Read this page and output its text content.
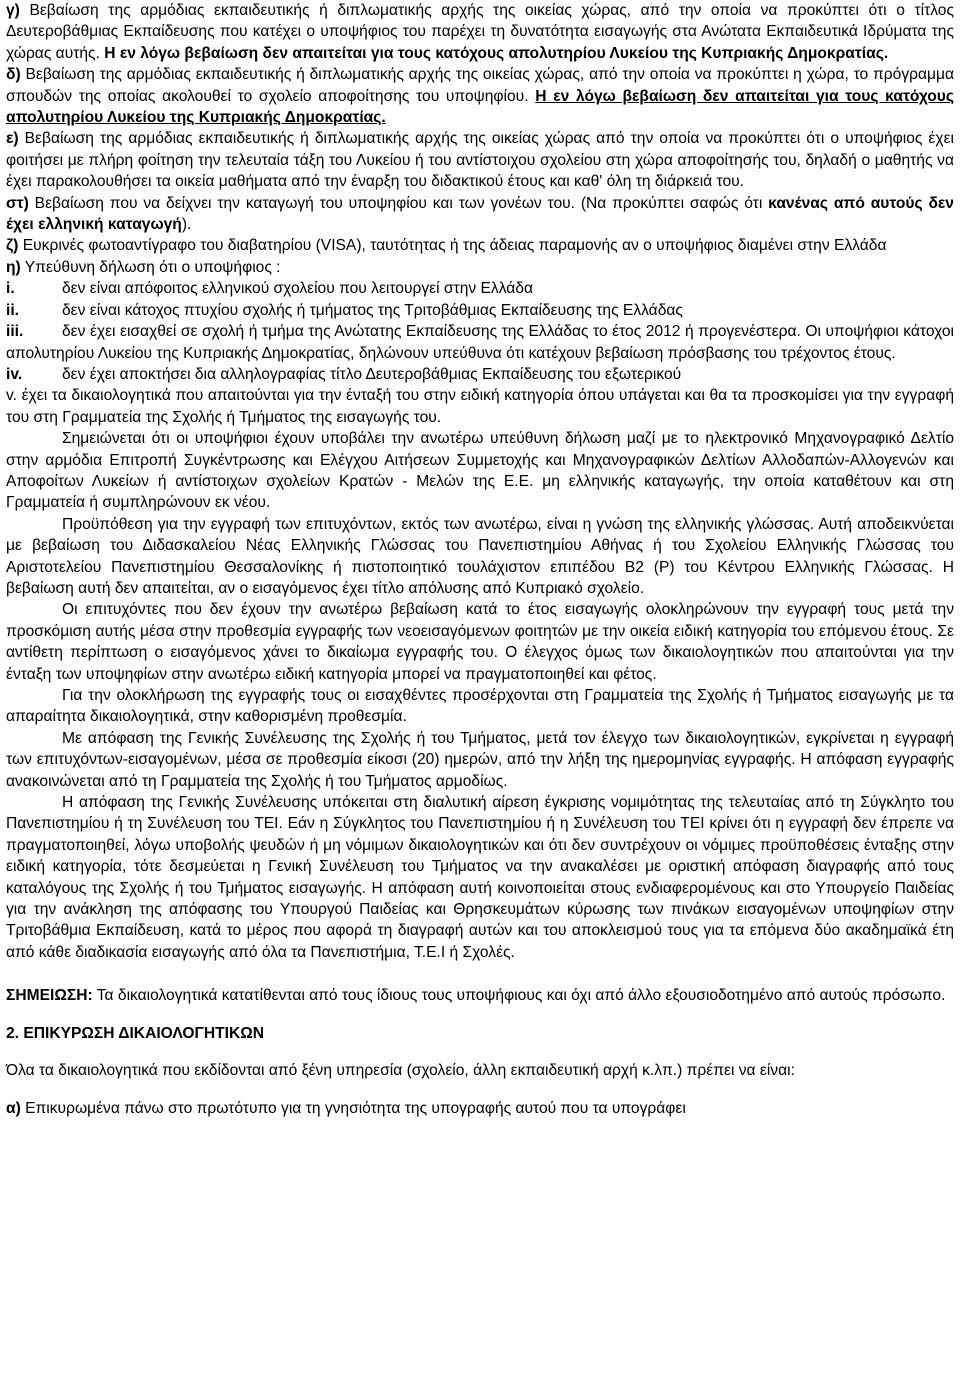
γ) Βεβαίωση της αρμόδιας εκπαιδευτικής ή διπλωματικής αρχής της οικείας χώρας, από την οποία να προκύπτει ότι ο τίτλος Δευτεροβάθμιας Εκπαίδευσης που κατέχει ο υποψήφιος του παρέχει τη δυνατότητα εισαγωγής στα Ανώτατα Εκπαιδευτικά Ιδρύματα της χώρας αυτής. Η εν λόγω βεβαίωση δεν απαιτείται για τους κατόχους απολυτηρίου Λυκείου της Κυπριακής Δημοκρατίας.

δ) Βεβαίωση της αρμόδιας εκπαιδευτικής ή διπλωματικής αρχής της οικείας χώρας, από την οποία να προκύπτει η χώρα, το πρόγραμμα σπουδών της οποίας ακολουθεί το σχολείο αποφοίτησης του υποψηφίου. Η εν λόγω βεβαίωση δεν απαιτείται για τους κατόχους απολυτηρίου Λυκείου της Κυπριακής Δημοκρατίας.

ε) Βεβαίωση της αρμόδιας εκπαιδευτικής ή διπλωματικής αρχής της οικείας χώρας από την οποία να προκύπτει ότι ο υποψήφιος έχει φοιτήσει με πλήρη φοίτηση την τελευταία τάξη του Λυκείου ή του αντίστοιχου σχολείου στη χώρα αποφοίτησής του, δηλαδή ο μαθητής να έχει παρακολουθήσει τα οικεία μαθήματα από την έναρξη του διδακτικού έτους και καθ' όλη τη διάρκειά του.

στ) Βεβαίωση που να δείχνει την καταγωγή του υποψηφίου και των γονέων του. (Να προκύπτει σαφώς ότι κανένας από αυτούς δεν έχει ελληνική καταγωγή).

ζ) Ευκρινές φωτοαντίγραφο του διαβατηρίου (VISA), ταυτότητας ή της άδειας παραμονής αν ο υποψήφιος διαμένει στην Ελλάδα

η) Υπεύθυνη δήλωση ότι ο υποψήφιος :

i.	δεν είναι απόφοιτος ελληνικού σχολείου που λειτουργεί στην Ελλάδα
ii.	δεν είναι κάτοχος πτυχίου σχολής ή τμήματος της Τριτοβάθμιας Εκπαίδευσης της Ελλάδας

iii. δεν έχει εισαχθεί σε σχολή ή τμήμα της Ανώτατης Εκπαίδευσης της Ελλάδας το έτος 2012 ή προγενέστερα. Οι υποψήφιοι κάτοχοι απολυτηρίου Λυκείου της Κυπριακής Δημοκρατίας, δηλώνουν υπεύθυνα ότι κατέχουν βεβαίωση πρόσβασης του τρέχοντος έτους.

iv.	δεν έχει αποκτήσει δια αλληλογραφίας τίτλο Δευτεροβάθμιας Εκπαίδευσης του εξωτερικού

v. έχει τα δικαιολογητικά που απαιτούνται για την ένταξή του στην ειδική κατηγορία όπου υπάγεται και θα τα προσκομίσει για την εγγραφή του στη Γραμματεία της Σχολής ή Τμήματος της εισαγωγής του.

Σημειώνεται ότι οι υποψήφιοι έχουν υποβάλει την ανωτέρω υπεύθυνη δήλωση μαζί με το ηλεκτρονικό Μηχανογραφικό Δελτίο στην αρμόδια Επιτροπή Συγκέντρωσης και Ελέγχου Αιτήσεων Συμμετοχής και Μηχανογραφικών Δελτίων Αλλοδαπών-Αλλογενών και Αποφοίτων Λυκείων ή αντίστοιχων σχολείων Κρατών - Μελών της Ε.Ε. μη ελληνικής καταγωγής, την οποία καταθέτουν και στη Γραμματεία ή συμπληρώνουν εκ νέου.

Προϋπόθεση για την εγγραφή των επιτυχόντων, εκτός των ανωτέρω, είναι η γνώση της ελληνικής γλώσσας. Αυτή αποδεικνύεται με βεβαίωση του Διδασκαλείου Νέας Ελληνικής Γλώσσας του Πανεπιστημίου Αθήνας ή του Σχολείου Ελληνικής Γλώσσας του Αριστοτελείου Πανεπιστημίου Θεσσαλονίκης ή πιστοποιητικό τουλάχιστον επιπέδου Β2 (Ρ) του Κέντρου Ελληνικής Γλώσσας. Η βεβαίωση αυτή δεν απαιτείται, αν ο εισαγόμενος έχει τίτλο απόλυσης από Κυπριακό σχολείο.

Οι επιτυχόντες που δεν έχουν την ανωτέρω βεβαίωση κατά το έτος εισαγωγής ολοκληρώνουν την εγγραφή τους μετά την προσκόμιση αυτής μέσα στην προθεσμία εγγραφής των νεοεισαγόμενων φοιτητών με την οικεία ειδική κατηγορία του επόμενου έτους. Σε αντίθετη περίπτωση ο εισαγόμενος χάνει το δικαίωμα εγγραφής του. Ο έλεγχος όμως των δικαιολογητικών που απαιτούνται για την ένταξη των υποψηφίων στην ανωτέρω ειδική κατηγορία μπορεί να πραγματοποιηθεί και φέτος.

Για την ολοκλήρωση της εγγραφής τους οι εισαχθέντες προσέρχονται στη Γραμματεία της Σχολής ή Τμήματος εισαγωγής με τα απαραίτητα δικαιολογητικά, στην καθορισμένη προθεσμία.

Με απόφαση της Γενικής Συνέλευσης της Σχολής ή του Τμήματος, μετά τον έλεγχο των δικαιολογητικών, εγκρίνεται η εγγραφή των επιτυχόντων-εισαγομένων, μέσα σε προθεσμία είκοσι (20) ημερών, από την λήξη της ημερομηνίας εγγραφής. Η απόφαση εγγραφής ανακοινώνεται από τη Γραμματεία της Σχολής ή του Τμήματος αρμοδίως.

Η απόφαση της Γενικής Συνέλευσης υπόκειται στη διαλυτική αίρεση έγκρισης νομιμότητας της τελευταίας από τη Σύγκλητο του Πανεπιστημίου ή τη Συνέλευση του ΤΕΙ. Εάν η Σύγκλητος του Πανεπιστημίου ή η Συνέλευση του ΤΕΙ κρίνει ότι η εγγραφή δεν έπρεπε να πραγματοποιηθεί, λόγω υποβολής ψευδών ή μη νόμιμων δικαιολογητικών και ότι δεν συντρέχουν οι νόμιμες προϋποθέσεις ένταξης στην ειδική κατηγορία, τότε δεσμεύεται η Γενική Συνέλευση του Τμήματος να την ανακαλέσει με οριστική απόφαση διαγραφής από τους καταλόγους της Σχολής ή του Τμήματος εισαγωγής. Η απόφαση αυτή κοινοποιείται στους ενδιαφερομένους και στο Υπουργείο Παιδείας για την ανάκληση της απόφασης του Υπουργού Παιδείας και Θρησκευμάτων κύρωσης των πινάκων εισαγομένων υποψηφίων στην Τριτοβάθμια Εκπαίδευση, κατά το μέρος που αφορά τη διαγραφή αυτών και του αποκλεισμού τους για τα επόμενα δύο ακαδημαϊκά έτη από κάθε διαδικασία εισαγωγής από όλα τα Πανεπιστήμια, Τ.Ε.Ι ή Σχολές.

ΣΗΜΕΙΩΣΗ: Τα δικαιολογητικά κατατίθενται από τους ίδιους τους υποψήφιους και όχι από άλλο εξουσιοδοτημένο από αυτούς πρόσωπο.

2. ΕΠΙΚΥΡΩΣΗ ΔΙΚΑΙΟΛΟΓΗΤΙΚΩΝ

Όλα τα δικαιολογητικά που εκδίδονται από ξένη υπηρεσία (σχολείο, άλλη εκπαιδευτική αρχή κ.λπ.) πρέπει να είναι:

α) Επικυρωμένα πάνω στο πρωτότυπο για τη γνησιότητα της υπογραφής αυτού που τα υπογράφει
